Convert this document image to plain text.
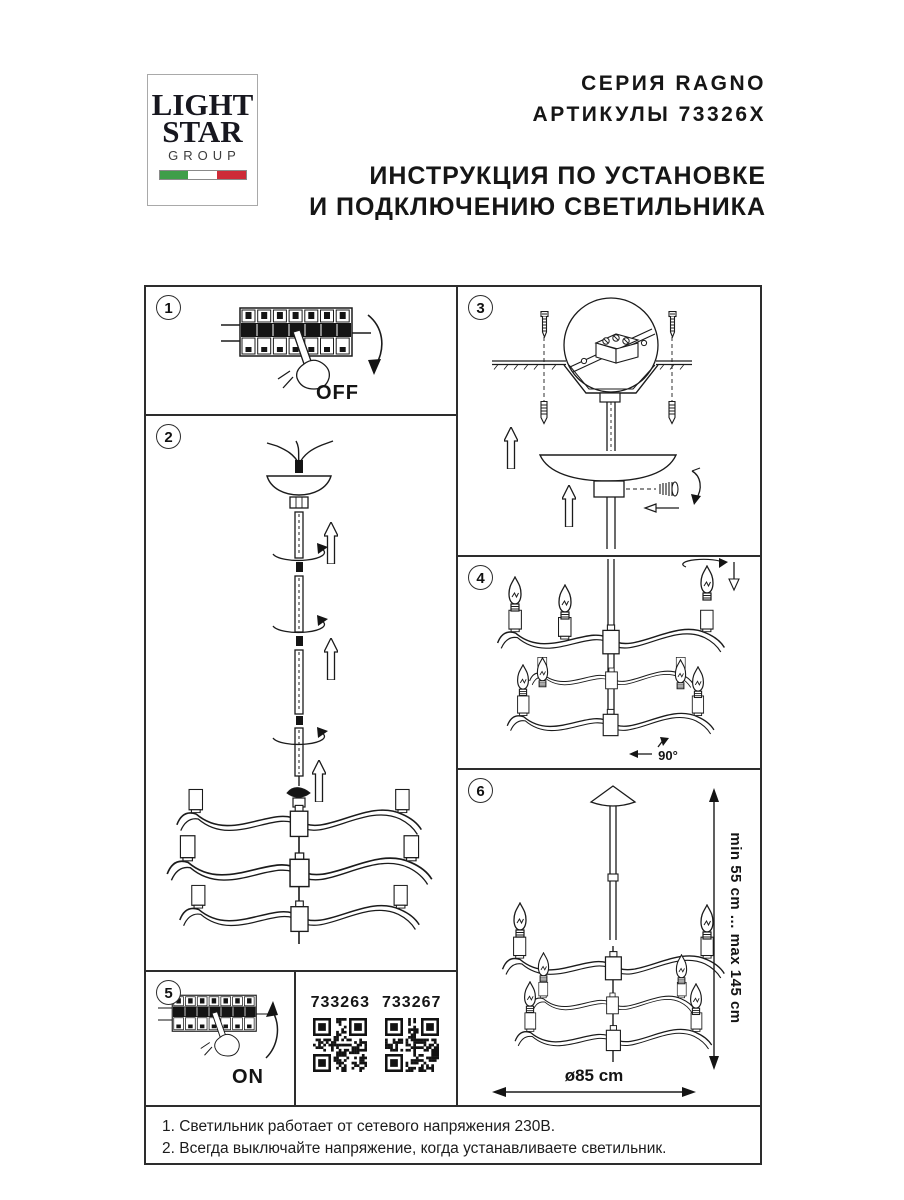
LIGHT
STAR
GROUP
СЕРИЯ RAGNO
АРТИКУЛЫ 73326X
ИНСТРУКЦИЯ ПО УСТАНОВКЕ
И ПОДКЛЮЧЕНИЮ СВЕТИЛЬНИКА
1
OFF
2
3
4
90°
6
min 55 cm ... max 145 cm
ø85 cm
5
ON
733263 733267
1. Светильник работает от сетевого напряжения 230В.
2. Всегда выключайте напряжение, когда устанавливаете светильник.
